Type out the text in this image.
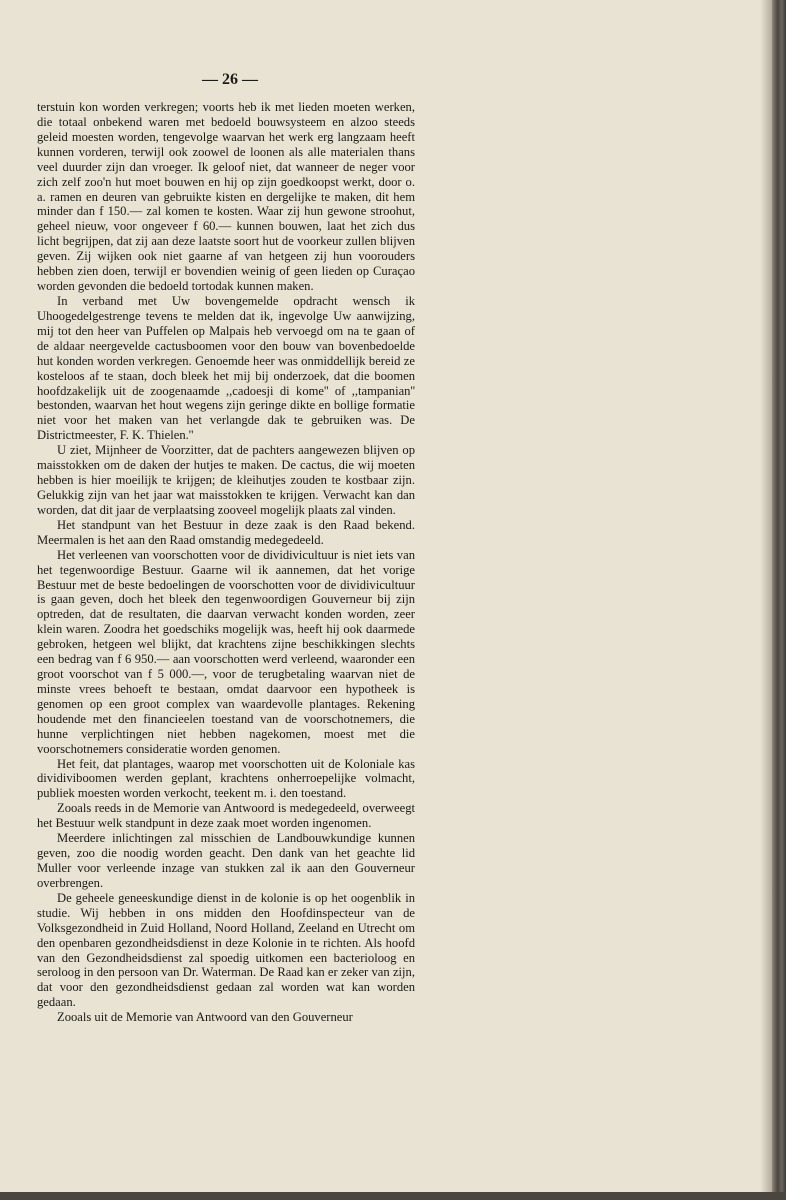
— 26 —

terstuin kon worden verkregen; voorts heb ik met lieden moeten werken, die totaal onbekend waren met bedoeld bouwsysteem en alzoo steeds geleid moesten worden, tengevolge waarvan het werk erg langzaam heeft kunnen vorderen, terwijl ook zoowel de loonen als alle materialen thans veel duurder zijn dan vroeger. Ik geloof niet, dat wanneer de neger voor zich zelf zoo'n hut moet bouwen en hij op zijn goedkoopst werkt, door o. a. ramen en deuren van gebruikte kisten en dergelijke te maken, dit hem minder dan f 150.— zal komen te kosten. Waar zij hun gewone stroohut, geheel nieuw, voor ongeveer f 60.— kunnen bouwen, laat het zich dus licht begrijpen, dat zij aan deze laatste soort hut de voorkeur zullen blijven geven. Zij wijken ook niet gaarne af van hetgeen zij hun voorouders hebben zien doen, terwijl er bovendien weinig of geen lieden op Curaçao worden gevonden die bedoeld tortodak kunnen maken.

In verband met Uw bovengemelde opdracht wensch ik Uhoogedelgestrenge tevens te melden dat ik, ingevolge Uw aanwijzing, mij tot den heer van Puffelen op Malpais heb vervoegd om na te gaan of de aldaar neergevelde cactusboomen voor den bouw van bovenbedoelde hut konden worden verkregen. Genoemde heer was onmiddellijk bereid ze kosteloos af te staan, doch bleek het mij bij onderzoek, dat die boomen hoofdzakelijk uit de zoogenaamde ,,cadoesji di kome'' of ,,tampanian'' bestonden, waarvan het hout wegens zijn geringe dikte en bollige formatie niet voor het maken van het verlangde dak te gebruiken was. De Districtmeester, F. K. Thielen.''

U ziet, Mijnheer de Voorzitter, dat de pachters aangewezen blijven op maisstokken om de daken der hutjes te maken. De cactus, die wij moeten hebben is hier moeilijk te krijgen; de kleihutjes zouden te kostbaar zijn. Gelukkig zijn van het jaar wat maisstokken te krijgen. Verwacht kan dan worden, dat dit jaar de verplaatsing zooveel mogelijk plaats zal vinden.

Het standpunt van het Bestuur in deze zaak is den Raad bekend. Meermalen is het aan den Raad omstandig medegedeeld.

Het verleenen van voorschotten voor de dividivicultuur is niet iets van het tegenwoordige Bestuur. Gaarne wil ik aannemen, dat het vorige Bestuur met de beste bedoelingen de voorschotten voor de dividivicultuur is gaan geven, doch het bleek den tegenwoordigen Gouverneur bij zijn optreden, dat de resultaten, die daarvan verwacht konden worden, zeer klein waren. Zoodra het goedschiks mogelijk was, heeft hij ook daarmede gebroken, hetgeen wel blijkt, dat krachtens zijne beschikkingen slechts een bedrag van f 6 950.— aan voorschotten werd verleend, waaronder een groot voorschot van f 5 000.—, voor de terugbetaling waarvan niet de minste vrees behoeft te bestaan, omdat daarvoor een hypotheek is genomen op een groot complex van waardevolle plantages. Rekening houdende met den financieelen toestand van de voorschotnemers, die hunne verplichtingen niet hebben nagekomen, moest met die voorschotnemers consideratie worden genomen.

Het feit, dat plantages, waarop met voorschotten uit de Koloniale kas dividiviboomen werden geplant, krachtens onherroepelijke volmacht, publiek moesten worden verkocht, teekent m. i. den toestand.

Zooals reeds in de Memorie van Antwoord is medegedeeld, overweegt het Bestuur welk standpunt in deze zaak moet worden ingenomen.

Meerdere inlichtingen zal misschien de Landbouwkundige kunnen geven, zoo die noodig worden geacht. Den dank van het geachte lid Muller voor verleende inzage van stukken zal ik aan den Gouverneur overbrengen.

De geheele geneeskundige dienst in de kolonie is op het oogenblik in studie. Wij hebben in ons midden den Hoofdinspecteur van de Volksgezondheid in Zuid Holland, Noord Holland, Zeeland en Utrecht om den openbaren gezondheidsdienst in deze Kolonie in te richten. Als hoofd van den Gezondheidsdienst zal spoedig uitkomen een bacterioloog en seroloog in den persoon van Dr. Waterman. De Raad kan er zeker van zijn, dat voor den gezondheidsdienst gedaan zal worden wat kan worden gedaan.

Zooals uit de Memorie van Antwoord van den Gouverneur
